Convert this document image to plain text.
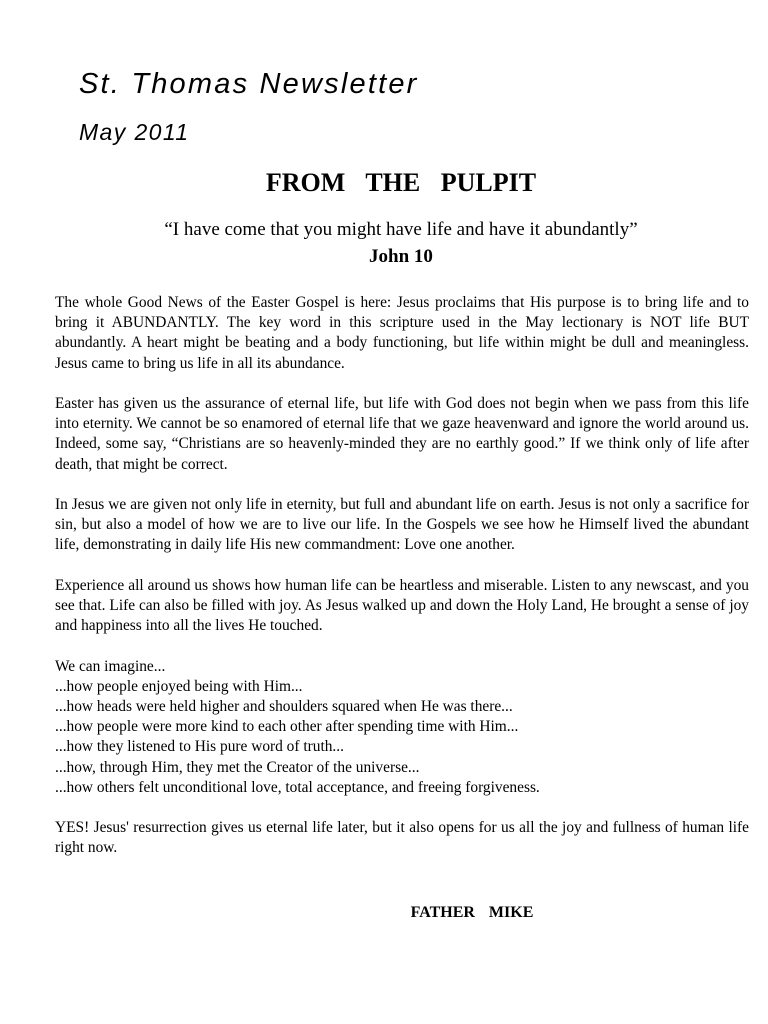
St. Thomas Newsletter
May 2011
FROM THE PULPIT
“I have come that you might have life and have it abundantly”
John 10

The whole Good News of the Easter Gospel is here: Jesus proclaims that His purpose is to bring life and to bring it ABUNDANTLY. The key word in this scripture used in the May lectionary is NOT life BUT abundantly. A heart might be beating and a body functioning, but life within might be dull and meaningless. Jesus came to bring us life in all its abundance.

Easter has given us the assurance of eternal life, but life with God does not begin when we pass from this life into eternity. We cannot be so enamored of eternal life that we gaze heavenward and ignore the world around us. Indeed, some say, “Christians are so heavenly-minded they are no earthly good.” If we think only of life after death, that might be correct.

In Jesus we are given not only life in eternity, but full and abundant life on earth. Jesus is not only a sacrifice for sin, but also a model of how we are to live our life. In the Gospels we see how he Himself lived the abundant life, demonstrating in daily life His new commandment: Love one another.

Experience all around us shows how human life can be heartless and miserable. Listen to any newscast, and you see that. Life can also be filled with joy. As Jesus walked up and down the Holy Land, He brought a sense of joy and happiness into all the lives He touched.

We can imagine...
...how people enjoyed being with Him...
...how heads were held higher and shoulders squared when He was there...
...how people were more kind to each other after spending time with Him...
...how they listened to His pure word of truth...
...how, through Him, they met the Creator of the universe...
...how others felt unconditional love, total acceptance, and freeing forgiveness.

YES! Jesus' resurrection gives us eternal life later, but it also opens for us all the joy and fullness of human life right now.

FATHER MIKE
